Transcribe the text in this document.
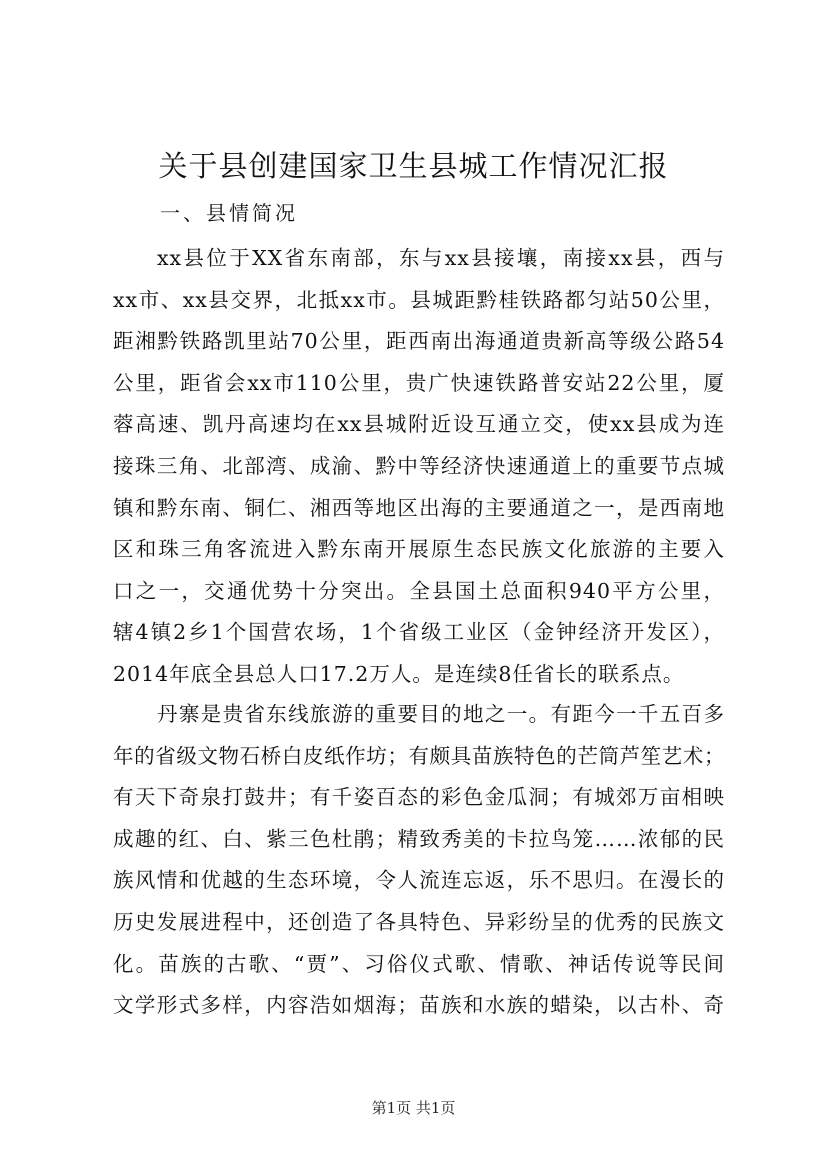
关于县创建国家卫生县城工作情况汇报
一、县情简况
xx县位于XX省东南部，东与xx县接壤，南接xx县，西与
xx市、xx县交界，北抵xx市。县城距黔桂铁路都匀站50公里，
距湘黔铁路凯里站70公里，距西南出海通道贵新高等级公路54
公里，距省会xx市110公里，贵广快速铁路普安站22公里，厦
蓉高速、凯丹高速均在xx县城附近设互通立交，使xx县成为连
接珠三角、北部湾、成渝、黔中等经济快速通道上的重要节点城
镇和黔东南、铜仁、湘西等地区出海的主要通道之一，是西南地
区和珠三角客流进入黔东南开展原生态民族文化旅游的主要入
口之一，交通优势十分突出。全县国土总面积940平方公里，
辖4镇2乡1个国营农场，1个省级工业区（金钟经济开发区），
2014年底全县总人口17.2万人。是连续8任省长的联系点。
丹寨是贵省东线旅游的重要目的地之一。有距今一千五百多
年的省级文物石桥白皮纸作坊；有颇具苗族特色的芒筒芦笙艺术；
有天下奇泉打鼓井；有千姿百态的彩色金瓜洞；有城郊万亩相映
成趣的红、白、紫三色杜鹃；精致秀美的卡拉鸟笼……浓郁的民
族风情和优越的生态环境，令人流连忘返，乐不思归。在漫长的
历史发展进程中，还创造了各具特色、异彩纷呈的优秀的民族文
化。苗族的古歌、“贾”、习俗仪式歌、情歌、神话传说等民间
文学形式多样，内容浩如烟海；苗族和水族的蜡染，以古朴、奇
第1页 共1页
